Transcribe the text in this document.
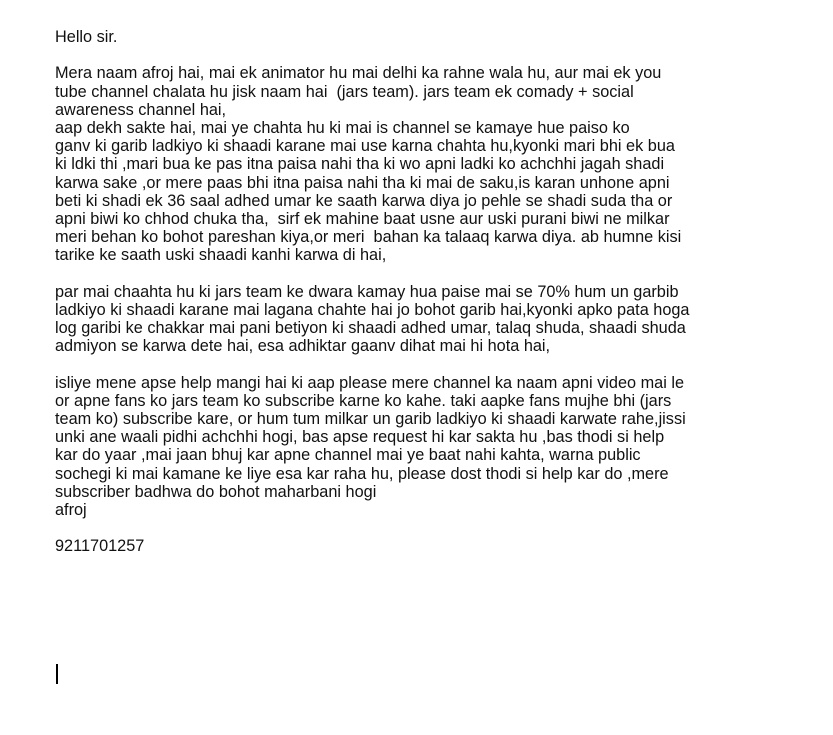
Hello sir.
Mera naam afroj hai, mai ek animator hu mai delhi ka rahne wala hu, aur mai ek you
tube channel chalata hu jisk naam hai  (jars team). jars team ek comady + social
awareness channel hai,
aap dekh sakte hai, mai ye chahta hu ki mai is channel se kamaye hue paiso ko
ganv ki garib ladkiyo ki shaadi karane mai use karna chahta hu,kyonki mari bhi ek bua
ki ldki thi ,mari bua ke pas itna paisa nahi tha ki wo apni ladki ko achchhi jagah shadi
karwa sake ,or mere paas bhi itna paisa nahi tha ki mai de saku,is karan unhone apni
beti ki shadi ek 36 saal adhed umar ke saath karwa diya jo pehle se shadi suda tha or
apni biwi ko chhod chuka tha,  sirf ek mahine baat usne aur uski purani biwi ne milkar
meri behan ko bohot pareshan kiya,or meri  bahan ka talaaq karwa diya. ab humne kisi
tarike ke saath uski shaadi kanhi karwa di hai,
par mai chaahta hu ki jars team ke dwara kamay hua paise mai se 70% hum un garbib
ladkiyo ki shaadi karane mai lagana chahte hai jo bohot garib hai,kyonki apko pata hoga
log garibi ke chakkar mai pani betiyon ki shaadi adhed umar, talaq shuda, shaadi shuda
admiyon se karwa dete hai, esa adhiktar gaanv dihat mai hi hota hai,
isliye mene apse help mangi hai ki aap please mere channel ka naam apni video mai le
or apne fans ko jars team ko subscribe karne ko kahe. taki aapke fans mujhe bhi (jars
team ko) subscribe kare, or hum tum milkar un garib ladkiyo ki shaadi karwate rahe,jissi
unki ane waali pidhi achchhi hogi, bas apse request hi kar sakta hu ,bas thodi si help
kar do yaar ,mai jaan bhuj kar apne channel mai ye baat nahi kahta, warna public
sochegi ki mai kamane ke liye esa kar raha hu, please dost thodi si help kar do ,mere
subscriber badhwa do bohot maharbani hogi
afroj
9211701257
